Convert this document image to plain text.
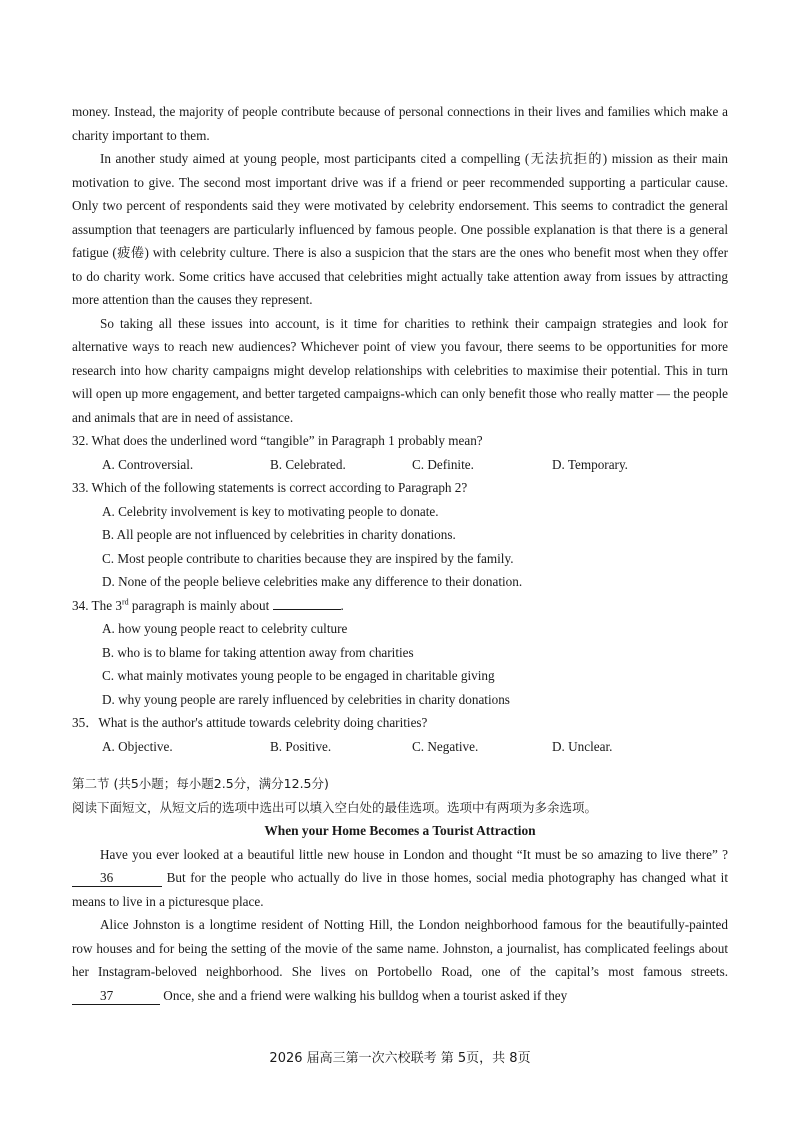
money. Instead, the majority of people contribute because of personal connections in their lives and families which make a charity important to them.

In another study aimed at young people, most participants cited a compelling (无法抗拒的) mission as their main motivation to give. The second most important drive was if a friend or peer recommended supporting a particular cause. Only two percent of respondents said they were motivated by celebrity endorsement. This seems to contradict the general assumption that teenagers are particularly influenced by famous people. One possible explanation is that there is a general fatigue (疲倦) with celebrity culture. There is also a suspicion that the stars are the ones who benefit most when they offer to do charity work. Some critics have accused that celebrities might actually take attention away from issues by attracting more attention than the causes they represent.

So taking all these issues into account, is it time for charities to rethink their campaign strategies and look for alternative ways to reach new audiences? Whichever point of view you favour, there seems to be opportunities for more research into how charity campaigns might develop relationships with celebrities to maximise their potential. This in turn will open up more engagement, and better targeted campaigns-which can only benefit those who really matter — the people and animals that are in need of assistance.

32. What does the underlined word “tangible” in Paragraph 1 probably mean?
A. Controversial.	B. Celebrated.	C. Definite.	D. Temporary.
33. Which of the following statements is correct according to Paragraph 2?
A. Celebrity involvement is key to motivating people to donate.
B. All people are not influenced by celebrities in charity donations.
C. Most people contribute to charities because they are inspired by the family.
D. None of the people believe celebrities make any difference to their donation.
34. The 3rd paragraph is mainly about	.
A. how young people react to celebrity culture
B. who is to blame for taking attention away from charities
C. what mainly motivates young people to be engaged in charitable giving
D. why young people are rarely influenced by celebrities in charity donations
35．What is the author's attitude towards celebrity doing charities?
A. Objective.	B. Positive.	C. Negative.	D. Unclear.
第二节 (共5小题；每小题2.5分，满分12.5分)
阅读下面短文，从短文后的选项中选出可以填入空白处的最佳选项。选项中有两项为多余选项。
When your Home Becomes a Tourist Attraction

Have you ever looked at a beautiful little new house in London and thought “It must be so amazing to live there” ? 36	But for the people who actually do live in those homes, social media photography has changed what it means to live in a picturesque place.

Alice Johnston is a longtime resident of Notting Hill, the London neighborhood famous for the beautifully-painted row houses and for being the setting of the movie of the same name. Johnston, a journalist, has complicated feelings about her Instagram-beloved neighborhood. She lives on Portobello Road, one of the capital’s most famous streets. 37	Once, she and a friend were walking his bulldog when a tourist asked if they

2026 届高三第一次六校联考 第 5页，共 8页
